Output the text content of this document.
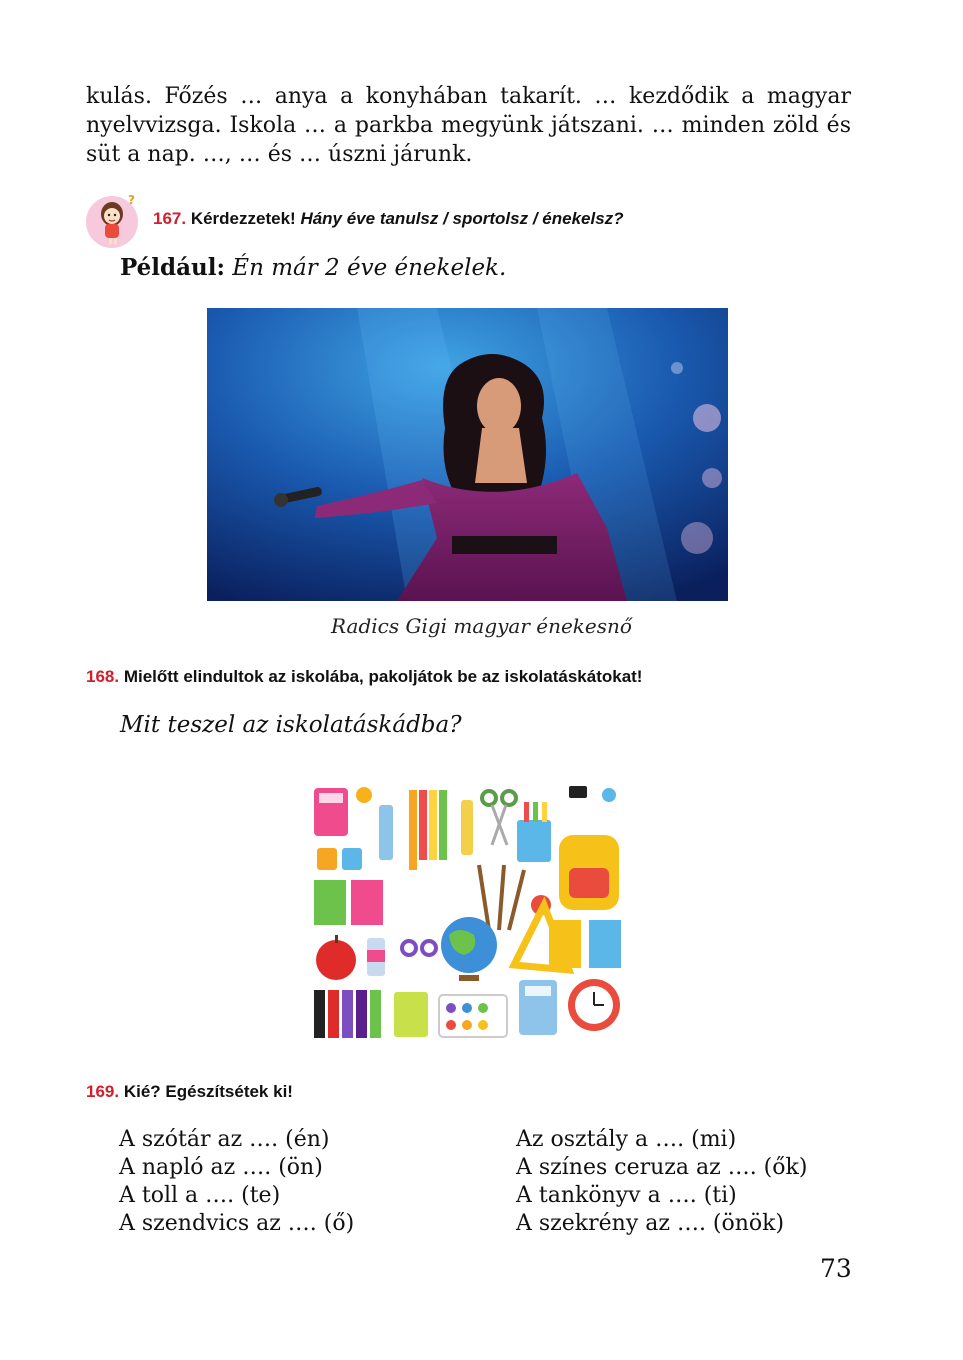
kulás. Főzés … anya a konyhában takarít. … kezdődik a magyar
nyelvvizsga. Iskola … a parkba megyünk játszani. … minden zöld és
süt a nap. …, … és … úszni járunk.

?

167. Kérdezzetek! Hány éve tanulsz / sportolsz / énekelsz?

Például: Én már 2 éve énekelek.

Radics Gigi magyar énekesnő

168. Mielőtt elindultok az iskolába, pakoljátok be az iskolatáskátokat!

Mit teszel az iskolatáskádba?

169. Kié? Egészítsétek ki!

A szótár az …. (én)
A napló az …. (ön)
A toll a …. (te)
A szendvics az …. (ő)
Az osztály a …. (mi)
A színes ceruza az …. (ők)
A tankönyv a …. (ti)
A szekrény az …. (önök)

73
